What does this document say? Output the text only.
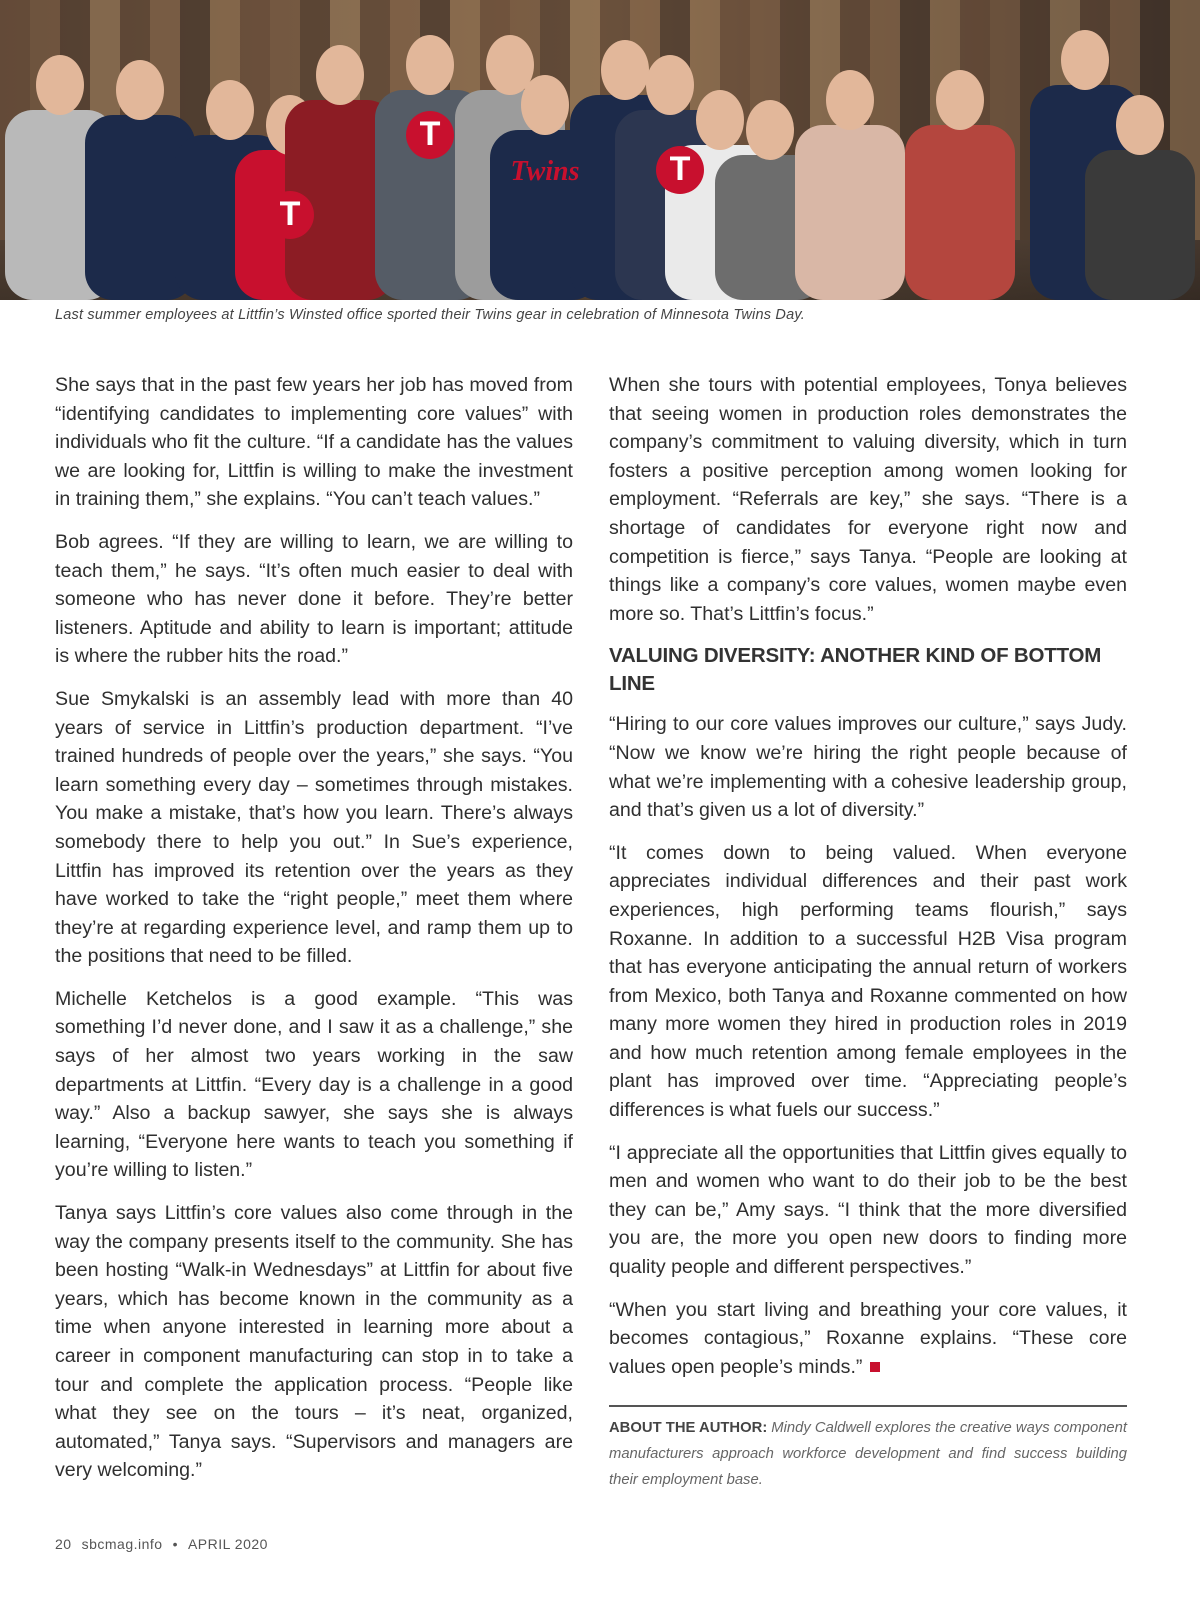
T
T
T
Twins
Last summer employees at Littfin’s Winsted office sported their Twins gear in celebration of Minnesota Twins Day.

She says that in the past few years her job has moved from “identifying candidates to implementing core values” with individuals who fit the culture. “If a candidate has the values we are looking for, Littfin is willing to make the investment in training them,” she explains. “You can’t teach values.”

Bob agrees. “If they are willing to learn, we are willing to teach them,” he says. “It’s often much easier to deal with someone who has never done it before. They’re better listeners. Aptitude and ability to learn is important; attitude is where the rubber hits the road.”

Sue Smykalski is an assembly lead with more than 40 years of service in Littfin’s production department. “I’ve trained hundreds of people over the years,” she says. “You learn something every day – sometimes through mistakes. You make a mistake, that’s how you learn. There’s always somebody there to help you out.” In Sue’s experience, Littfin has improved its retention over the years as they have worked to take the “right people,” meet them where they’re at regarding experience level, and ramp them up to the positions that need to be filled.

Michelle Ketchelos is a good example. “This was something I’d never done, and I saw it as a challenge,” she says of her almost two years working in the saw departments at Littfin. “Every day is a challenge in a good way.” Also a backup sawyer, she says she is always learning, “Everyone here wants to teach you something if you’re willing to listen.”

Tanya says Littfin’s core values also come through in the way the company presents itself to the community. She has been hosting “Walk-in Wednesdays” at Littfin for about five years, which has become known in the community as a time when anyone interested in learning more about a career in component manufacturing can stop in to take a tour and complete the application process. “People like what they see on the tours – it’s neat, organized, automated,” Tanya says. “Supervisors and managers are very welcoming.”

When she tours with potential employees, Tonya believes that seeing women in production roles demonstrates the company’s commitment to valuing diversity, which in turn fosters a positive perception among women looking for employment. “Referrals are key,” she says. “There is a shortage of candidates for everyone right now and competition is fierce,” says Tanya. “People are looking at things like a company’s core values, women maybe even more so. That’s Littfin’s focus.”

VALUING DIVERSITY: ANOTHER KIND OF BOTTOM LINE

“Hiring to our core values improves our culture,” says Judy. “Now we know we’re hiring the right people because of what we’re implementing with a cohesive leadership group, and that’s given us a lot of diversity.”

“It comes down to being valued. When everyone appreciates individual differences and their past work experiences, high performing teams flourish,” says Roxanne. In addition to a successful H2B Visa program that has everyone anticipating the annual return of workers from Mexico, both Tanya and Roxanne commented on how many more women they hired in production roles in 2019 and how much retention among female employees in the plant has improved over time. “Appreciating people’s differences is what fuels our success.”

“I appreciate all the opportunities that Littfin gives equally to men and women who want to do their job to be the best they can be,” Amy says. “I think that the more diversified you are, the more you open new doors to finding more quality people and different perspectives.”

“When you start living and breathing your core values, it becomes contagious,” Roxanne explains. “These core values open people’s minds.”

ABOUT THE AUTHOR: Mindy Caldwell explores the creative ways component manufacturers approach workforce development and find success building their employment base.
20 sbcmag.info • APRIL 2020
